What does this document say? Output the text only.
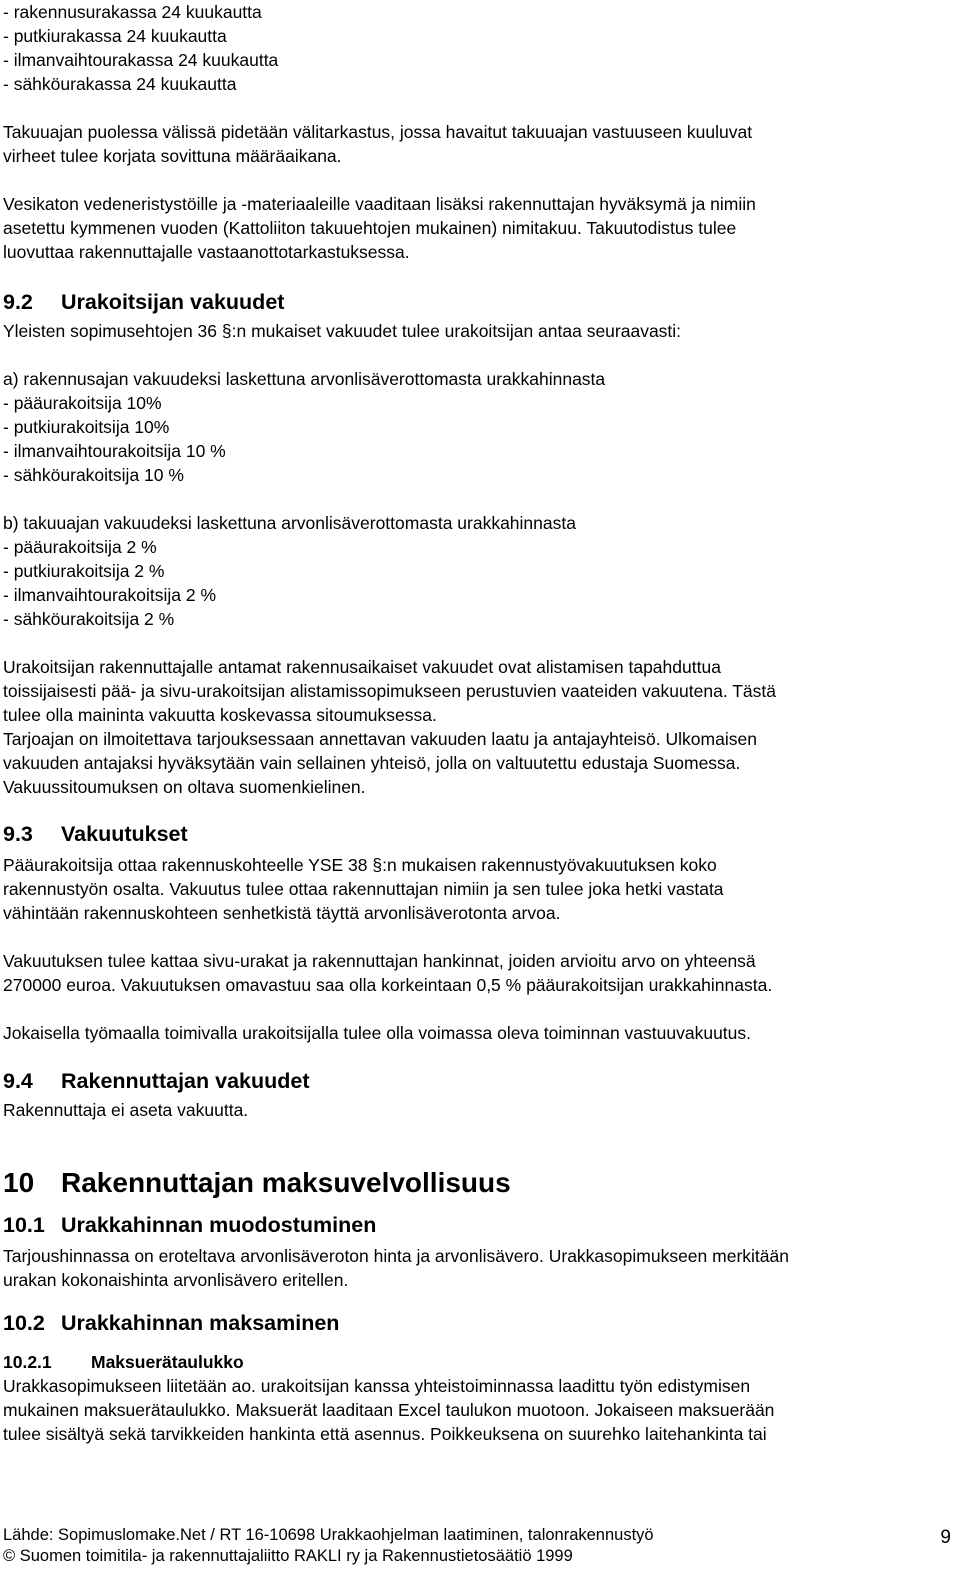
- rakennusurakassa 24 kuukautta
- putkiurakassa 24 kuukautta
- ilmanvaihtourakassa 24 kuukautta
- sähköurakassa 24 kuukautta
Takuuajan puolessa välissä pidetään välitarkastus, jossa havaitut takuuajan vastuuseen kuuluvat
virheet tulee korjata sovittuna määräaikana.
Vesikaton vedeneristystöille ja -materiaaleille vaaditaan lisäksi rakennuttajan hyväksymä ja nimiin
asetettu kymmenen vuoden (Kattoliiton takuuehtojen mukainen) nimitakuu. Takuutodistus tulee
luovuttaa rakennuttajalle vastaanottotarkastuksessa.
9.2 Urakoitsijan vakuudet
Yleisten sopimusehtojen 36 §:n mukaiset vakuudet tulee urakoitsijan antaa seuraavasti:
a) rakennusajan vakuudeksi laskettuna arvonlisäverottomasta urakkahinnasta
- pääurakoitsija 10%
- putkiurakoitsija 10%
- ilmanvaihtourakoitsija 10 %
- sähköurakoitsija 10 %
b) takuuajan vakuudeksi laskettuna arvonlisäverottomasta urakkahinnasta
- pääurakoitsija 2 %
- putkiurakoitsija 2 %
- ilmanvaihtourakoitsija 2 %
- sähköurakoitsija 2 %
Urakoitsijan rakennuttajalle antamat rakennusaikaiset vakuudet ovat alistamisen tapahduttua
toissijaisesti pää- ja sivu-urakoitsijan alistamissopimukseen perustuvien vaateiden vakuutena. Tästä
tulee olla maininta vakuutta koskevassa sitoumuksessa.
Tarjoajan on ilmoitettava tarjouksessaan annettavan vakuuden laatu ja antajayhteisö. Ulkomaisen
vakuuden antajaksi hyväksytään vain sellainen yhteisö, jolla on valtuutettu edustaja Suomessa.
Vakuussitoumuksen on oltava suomenkielinen.
9.3 Vakuutukset
Pääurakoitsija ottaa rakennuskohteelle YSE 38 §:n mukaisen rakennustyövakuutuksen koko
rakennustyön osalta. Vakuutus tulee ottaa rakennuttajan nimiin ja sen tulee joka hetki vastata
vähintään rakennuskohteen senhetkistä täyttä arvonlisäverotonta arvoa.
Vakuutuksen tulee kattaa sivu-urakat ja rakennuttajan hankinnat, joiden arvioitu arvo on yhteensä
270000 euroa. Vakuutuksen omavastuu saa olla korkeintaan 0,5 % pääurakoitsijan urakkahinnasta.
Jokaisella työmaalla toimivalla urakoitsijalla tulee olla voimassa oleva toiminnan vastuuvakuutus.
9.4 Rakennuttajan vakuudet
Rakennuttaja ei aseta vakuutta.
10 Rakennuttajan maksuvelvollisuus
10.1 Urakkahinnan muodostuminen
Tarjoushinnassa on eroteltava arvonlisäveroton hinta ja arvonlisävero. Urakkasopimukseen merkitään
urakan kokonaishinta arvonlisävero eritellen.
10.2 Urakkahinnan maksaminen
10.2.1 Maksuerätaulukko
Urakkasopimukseen liitetään ao. urakoitsijan kanssa yhteistoiminnassa laadittu työn edistymisen
mukainen maksuerätaulukko. Maksuerät laaditaan Excel taulukon muotoon. Jokaiseen maksuerään
tulee sisältyä sekä tarvikkeiden hankinta että asennus. Poikkeuksena on suurehko laitehankinta tai
Lähde: Sopimuslomake.Net / RT 16-10698 Urakkaohjelman laatiminen, talonrakennustyö
© Suomen toimitila- ja rakennuttajaliitto RAKLI ry ja Rakennustietosäätiö 1999
9
